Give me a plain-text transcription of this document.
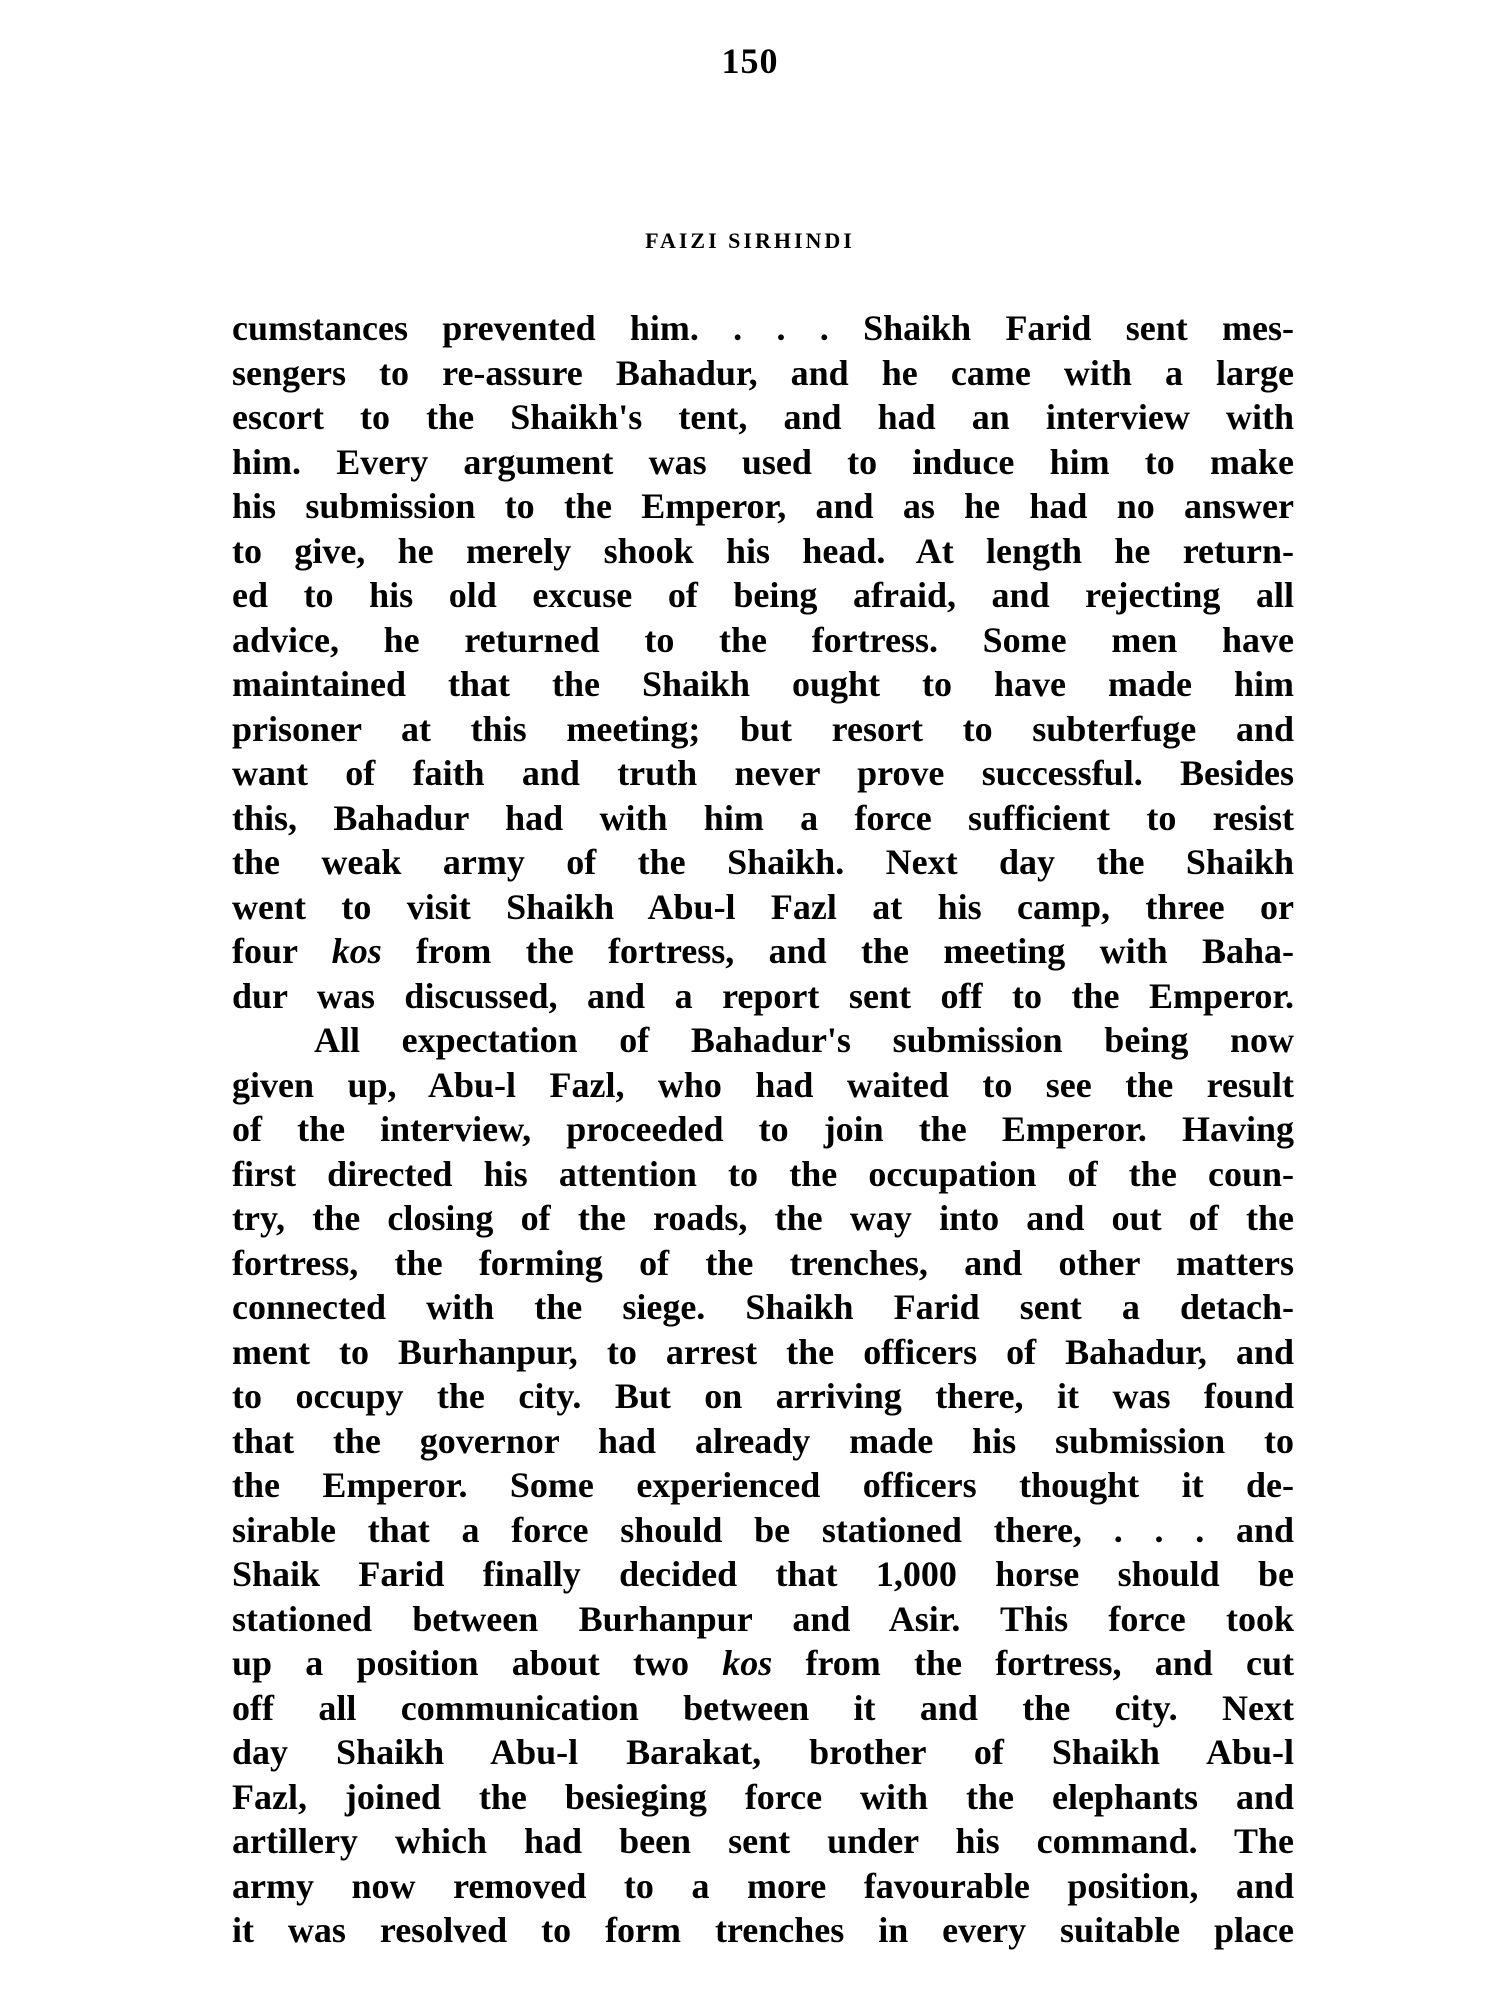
150
FAIZI SIRHINDI
cumstances prevented him. . . . Shaikh Farid sent mes-
sengers to re-assure Bahadur, and he came with a large
escort to the Shaikh's tent, and had an interview with
him. Every argument was used to induce him to make
his submission to the Emperor, and as he had no answer
to give, he merely shook his head. At length he return-
ed to his old excuse of being afraid, and rejecting all
advice, he returned to the fortress. Some men have
maintained that the Shaikh ought to have made him
prisoner at this meeting; but resort to subterfuge and
want of faith and truth never prove successful. Besides
this, Bahadur had with him a force sufficient to resist
the weak army of the Shaikh. Next day the Shaikh
went to visit Shaikh Abu-l Fazl at his camp, three or
four kos from the fortress, and the meeting with Baha-
dur was discussed, and a report sent off to the Emperor.
All expectation of Bahadur's submission being now
given up, Abu-l Fazl, who had waited to see the result
of the interview, proceeded to join the Emperor. Having
first directed his attention to the occupation of the coun-
try, the closing of the roads, the way into and out of the
fortress, the forming of the trenches, and other matters
connected with the siege. Shaikh Farid sent a detach-
ment to Burhanpur, to arrest the officers of Bahadur, and
to occupy the city. But on arriving there, it was found
that the governor had already made his submission to
the Emperor. Some experienced officers thought it de-
sirable that a force should be stationed there, . . . and
Shaik Farid finally decided that 1,000 horse should be
stationed between Burhanpur and Asir. This force took
up a position about two kos from the fortress, and cut
off all communication between it and the city. Next
day Shaikh Abu-l Barakat, brother of Shaikh Abu-l
Fazl, joined the besieging force with the elephants and
artillery which had been sent under his command. The
army now removed to a more favourable position, and
it was resolved to form trenches in every suitable place
